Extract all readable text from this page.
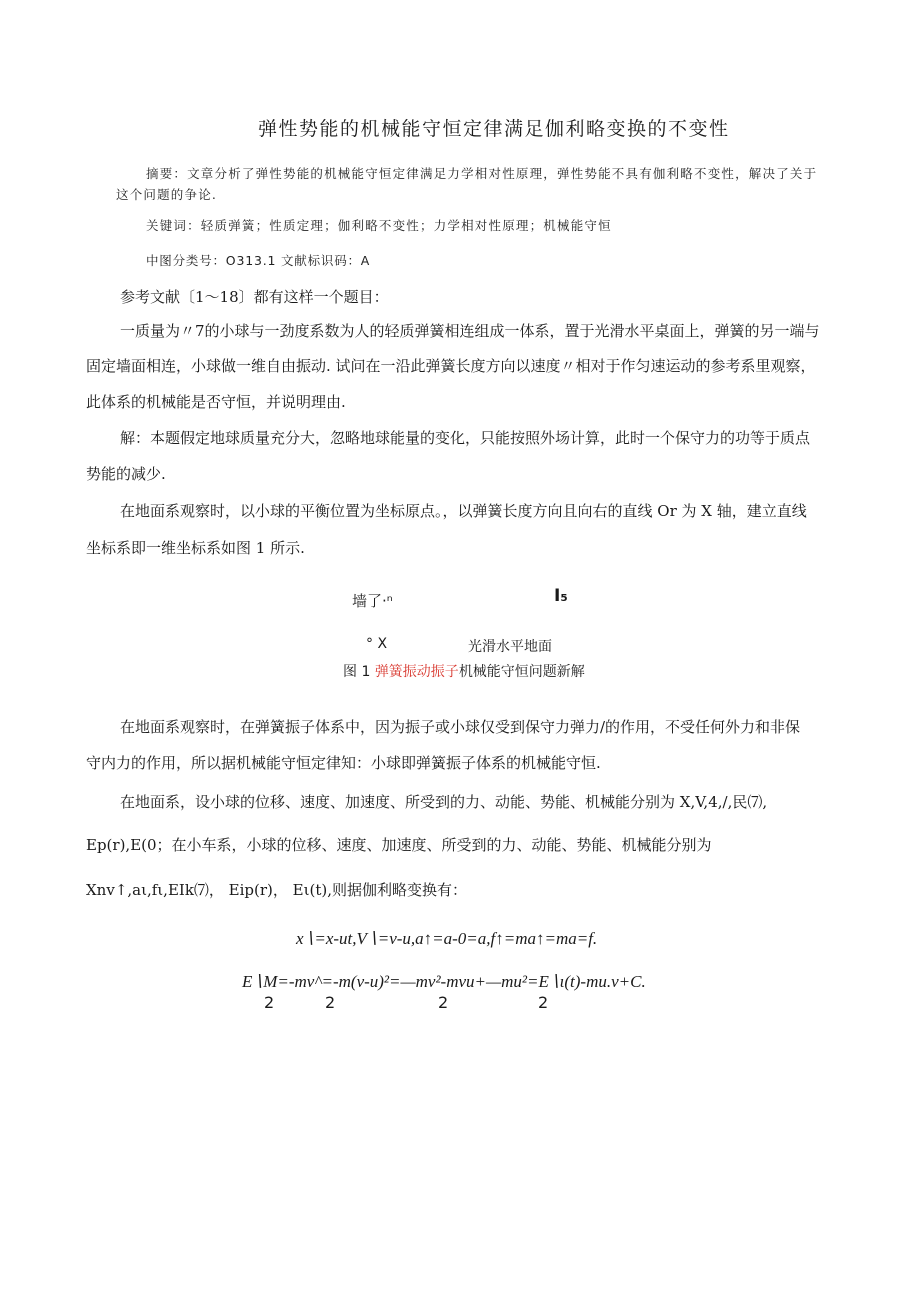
弹性势能的机械能守恒定律满足伽利略变换的不变性
摘要：文章分析了弹性势能的机械能守恒定律满足力学相对性原理，弹性势能不具有伽利略不变性，解决了关于
这个问题的争论.
关键词：轻质弹簧；性质定理；伽利略不变性；力学相对性原理；机械能守恒
中图分类号：O313.1 文献标识码：A
参考文献〔1～18〕都有这样一个题目：
一质量为〃7的小球与一劲度系数为人的轻质弹簧相连组成一体系，置于光滑水平桌面上，弹簧的另一端与
固定墙面相连，小球做一维自由振动. 试问在一沿此弹簧长度方向以速度〃相对于作匀速运动的参考系里观察，
此体系的机械能是否守恒，并说明理由.
解：本题假定地球质量充分大，忽略地球能量的变化，只能按照外场计算，此时一个保守力的功等于质点
势能的减少.
在地面系观察时，以小球的平衡位置为坐标原点。，以弹簧长度方向且向右的直线 Or 为 X 轴，建立直线
坐标系即一维坐标系如图 1 所示.
墙了·ⁿ	I₅
° X	光滑水平地面
图 1 弹簧振动振子机械能守恒问题新解
在地面系观察时，在弹簧振子体系中，因为振子或小球仅受到保守力弹力/的作用，不受任何外力和非保
守内力的作用，所以据机械能守恒定律知：小球即弹簧振子体系的机械能守恒.
在地面系，设小球的位移、速度、加速度、所受到的力、动能、势能、机械能分别为 X,V,4,/,民⑺,
Ep(r),E(0；在小车系，小球的位移、速度、加速度、所受到的力、动能、势能、机械能分别为
Xnv↑,aι,fι,EIk⑺， Eip(r)， Eι(t),则据伽利略变换有：
x∖=x-ut,V∖=v-u,a↑=a-0=a,f↑=ma↑=ma=f.
E∖M=-mv^=-m(v-u)²=—mv²-mvu+—mu²=E∖ι(t)-mu.v+C.
2	2	2	2
